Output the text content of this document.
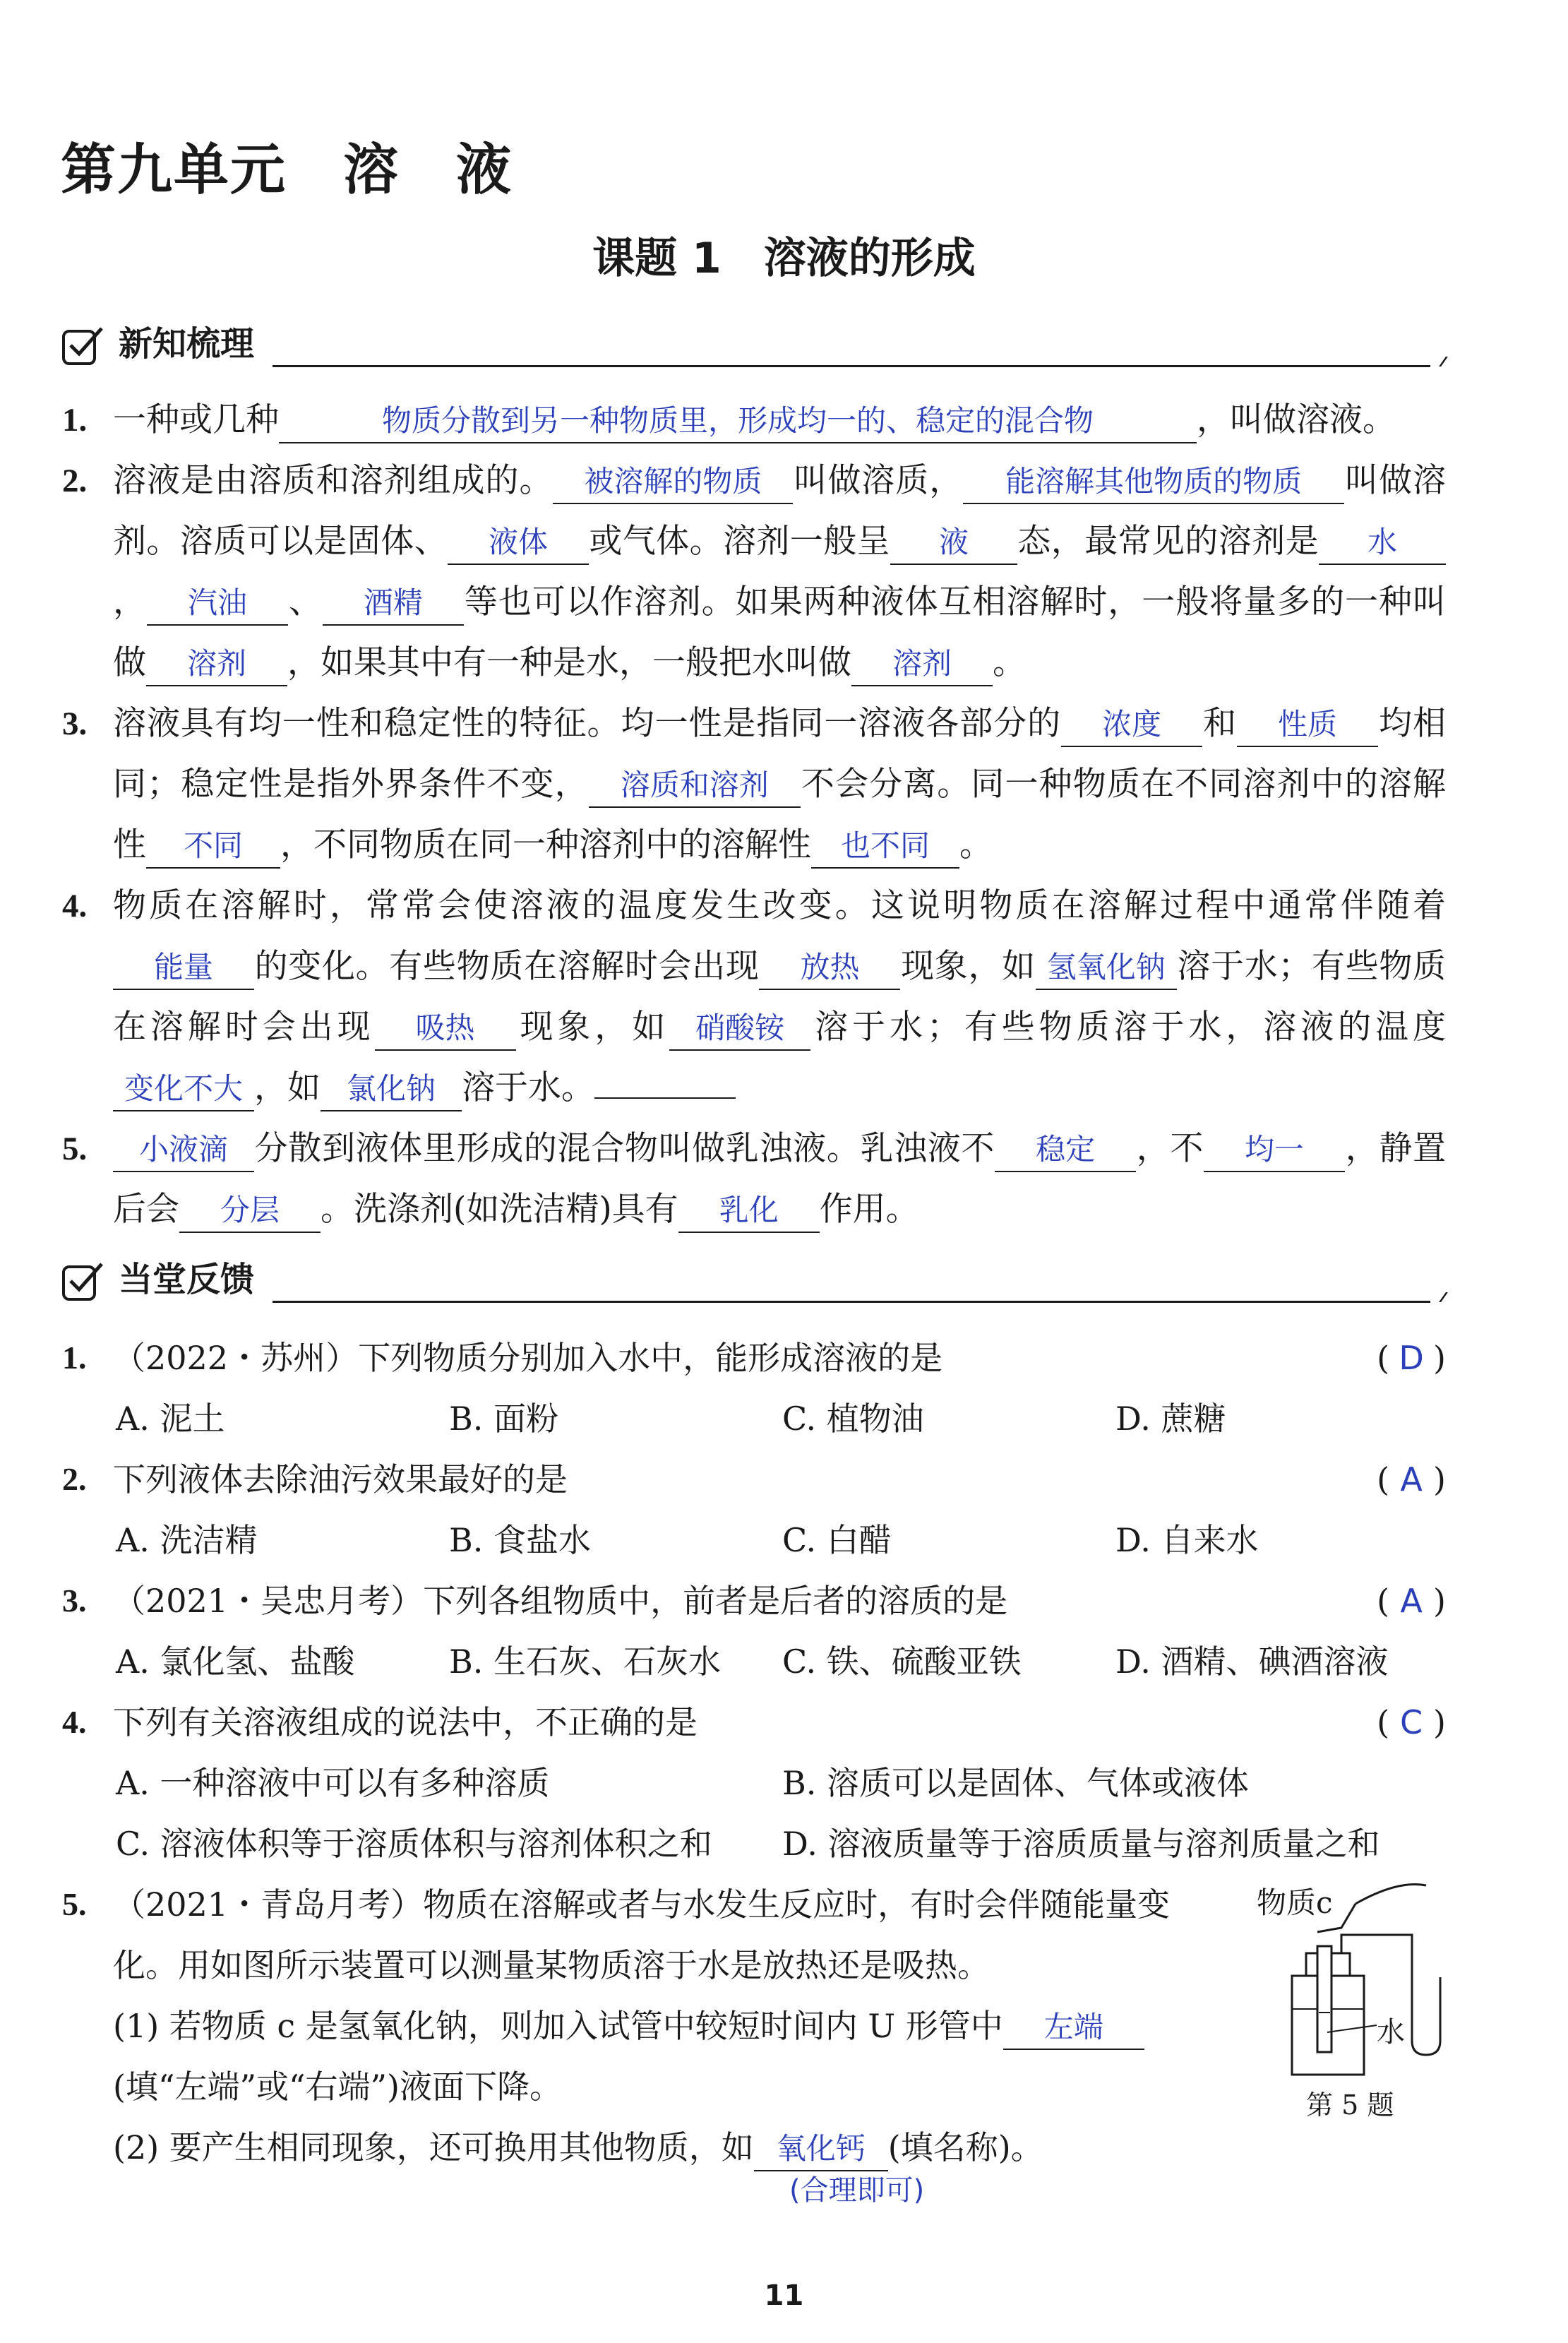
第九单元　溶　液
课题 1　溶液的形成
新知梳理
1. 一种或几种	物质分散到另一种物质里，形成均一的、稳定的混合物	，叫做溶液。
2. 溶液是由溶质和溶剂组成的。 被溶解的物质 叫做溶质， 能溶解其他物质的物质 叫做溶剂。溶质可以是固体、 液体 或气体。溶剂一般呈 液 态，最常见的溶剂是 水， 汽油 、 酒精 等也可以作溶剂。如果两种液体互相溶解时，一般将量多的一种叫做 溶剂 ，如果其中有一种是水，一般把水叫做 溶剂 。
3. 溶液具有均一性和稳定性的特征。均一性是指同一溶液各部分的 浓度 和 性质 均相同；稳定性是指外界条件不变， 溶质和溶剂 不会分离。同一种物质在不同溶剂中的溶解性 不同 ，不同物质在同一种溶剂中的溶解性 也不同 。
4. 物质在溶解时，常常会使溶液的温度发生改变。这说明物质在溶解过程中通常伴随着能量 的变化。有些物质在溶解时会出现 放热 现象，如 氢氧化钠 溶于水；有些物质在溶解时会出现 吸热 现象，如 硝酸铵 溶于水；有些物质溶于水，溶液的温度变化不大 ，如 氯化钠 溶于水。
5.	小液滴 分散到液体里形成的混合物叫做乳浊液。乳浊液不 稳定 ，不 均一 ，静置后会 分层 。洗涤剂(如洗洁精)具有 乳化 作用。
当堂反馈
1. （2022・苏州）下列物质分别加入水中，能形成溶液的是	( D )
A. 泥土	B. 面粉	C. 植物油	D. 蔗糖
2. 下列液体去除油污效果最好的是	( A )
A. 洗洁精	B. 食盐水	C. 白醋	D. 自来水
3. （2021・吴忠月考）下列各组物质中，前者是后者的溶质的是	( A )
A. 氯化氢、盐酸	B. 生石灰、石灰水 C. 铁、硫酸亚铁	D. 酒精、碘酒溶液
4. 下列有关溶液组成的说法中，不正确的是	( C )
A. 一种溶液中可以有多种溶质	B. 溶质可以是固体、气体或液体
C. 溶液体积等于溶质体积与溶剂体积之和 D. 溶液质量等于溶质质量与溶剂质量之和
5. （2021・青岛月考）物质在溶解或者与水发生反应时，有时会伴随能量变化。用如图所示装置可以测量某物质溶于水是放热还是吸热。
(1) 若物质 c 是氢氧化钠，则加入试管中较短时间内 U 形管中 左端
(填“左端”或“右端”)液面下降。
(2) 要产生相同现象，还可换用其他物质，如 氧化钙 (填名称)。
(合理即可)
物质c
水
第 5 题
11
